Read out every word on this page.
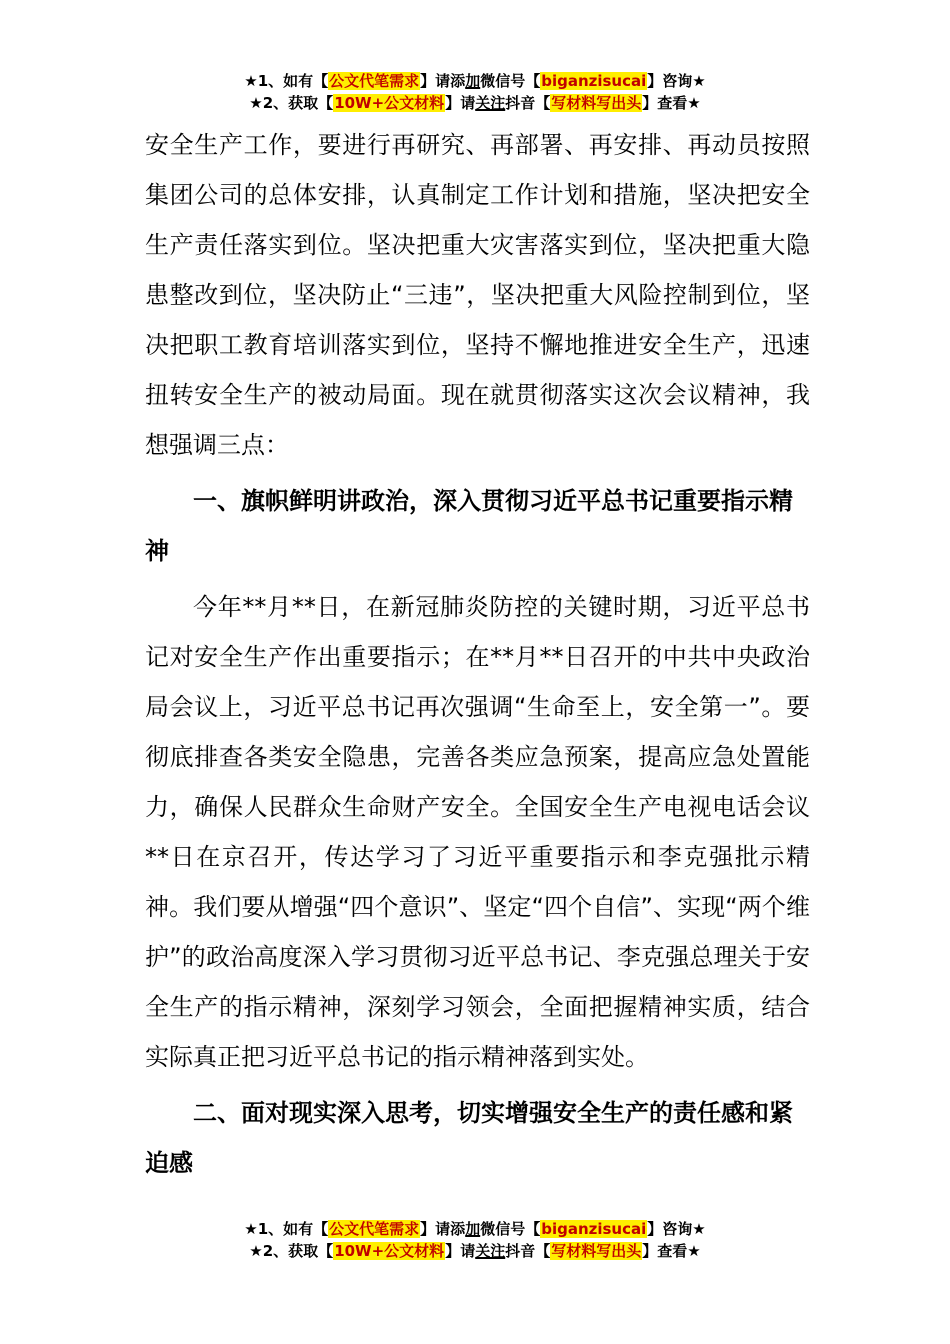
★1、如有【公文代笔需求】请添加微信号【biganzisucai】咨询★
★2、获取【10W+公文材料】请关注抖音【写材料写出头】查看★

安全生产工作，要进行再研究、再部署、再安排、再动员按照集团公司的总体安排，认真制定工作计划和措施，坚决把安全生产责任落实到位。坚决把重大灾害落实到位，坚决把重大隐患整改到位，坚决防止“三违”，坚决把重大风险控制到位，坚决把职工教育培训落实到位，坚持不懈地推进安全生产，迅速扭转安全生产的被动局面。现在就贯彻落实这次会议精神，我想强调三点：

一、旗帜鲜明讲政治，深入贯彻习近平总书记重要指示精神

今年**月**日，在新冠肺炎防控的关键时期，习近平总书记对安全生产作出重要指示；在**月**日召开的中共中央政治局会议上，习近平总书记再次强调“生命至上，安全第一”。要彻底排查各类安全隐患，完善各类应急预案，提高应急处置能力，确保人民群众生命财产安全。全国安全生产电视电话会议**日在京召开，传达学习了习近平重要指示和李克强批示精神。我们要从增强“四个意识”、坚定“四个自信”、实现“两个维护”的政治高度深入学习贯彻习近平总书记、李克强总理关于安全生产的指示精神，深刻学习领会，全面把握精神实质，结合实际真正把习近平总书记的指示精神落到实处。

二、面对现实深入思考，切实增强安全生产的责任感和紧迫感

★1、如有【公文代笔需求】请添加微信号【biganzisucai】咨询★
★2、获取【10W+公文材料】请关注抖音【写材料写出头】查看★
